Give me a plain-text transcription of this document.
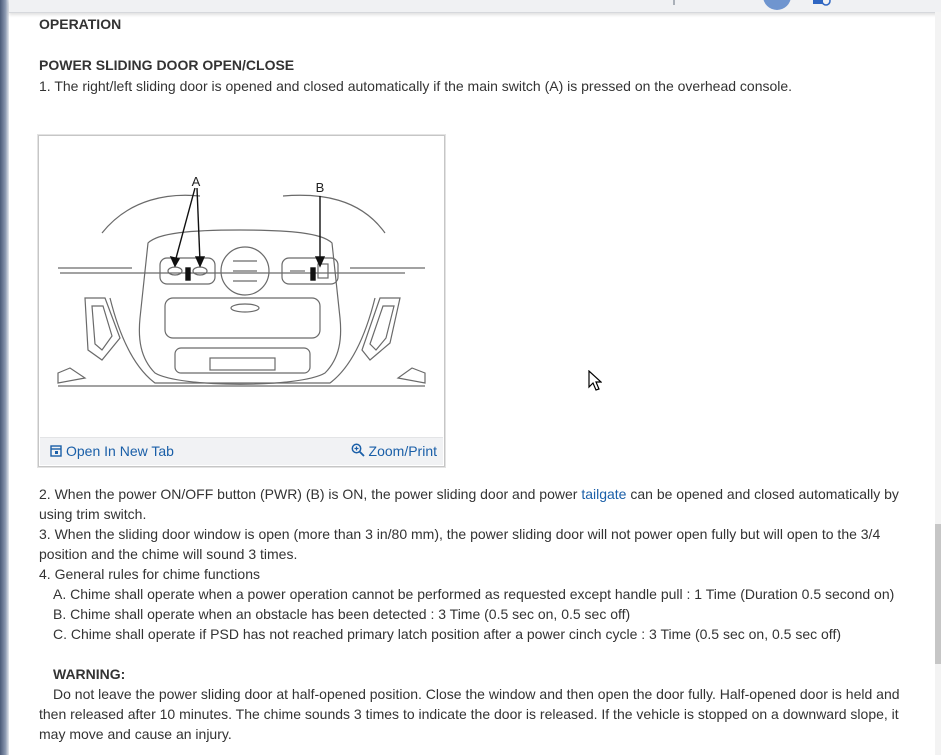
OPERATION
POWER SLIDING DOOR OPEN/CLOSE
1. The right/left sliding door is opened and closed automatically if the main switch (A) is pressed on the overhead console.
A	B
Open In New Tab	Zoom/Print
2. When the power ON/OFF button (PWR) (B) is ON, the power sliding door and power tailgate can be opened and closed automatically by using trim switch.
3. When the sliding door window is open (more than 3 in/80 mm), the power sliding door will not power open fully but will open to the 3/4 position and the chime will sound 3 times.
4. General rules for chime functions
A. Chime shall operate when a power operation cannot be performed as requested except handle pull : 1 Time (Duration 0.5 second on)
B. Chime shall operate when an obstacle has been detected : 3 Time (0.5 sec on, 0.5 sec off)
C. Chime shall operate if PSD has not reached primary latch position after a power cinch cycle : 3 Time (0.5 sec on, 0.5 sec off)
WARNING:
Do not leave the power sliding door at half-opened position. Close the window and then open the door fully. Half-opened door is held and then released after 10 minutes. The chime sounds 3 times to indicate the door is released. If the vehicle is stopped on a downward slope, it may move and cause an injury.
